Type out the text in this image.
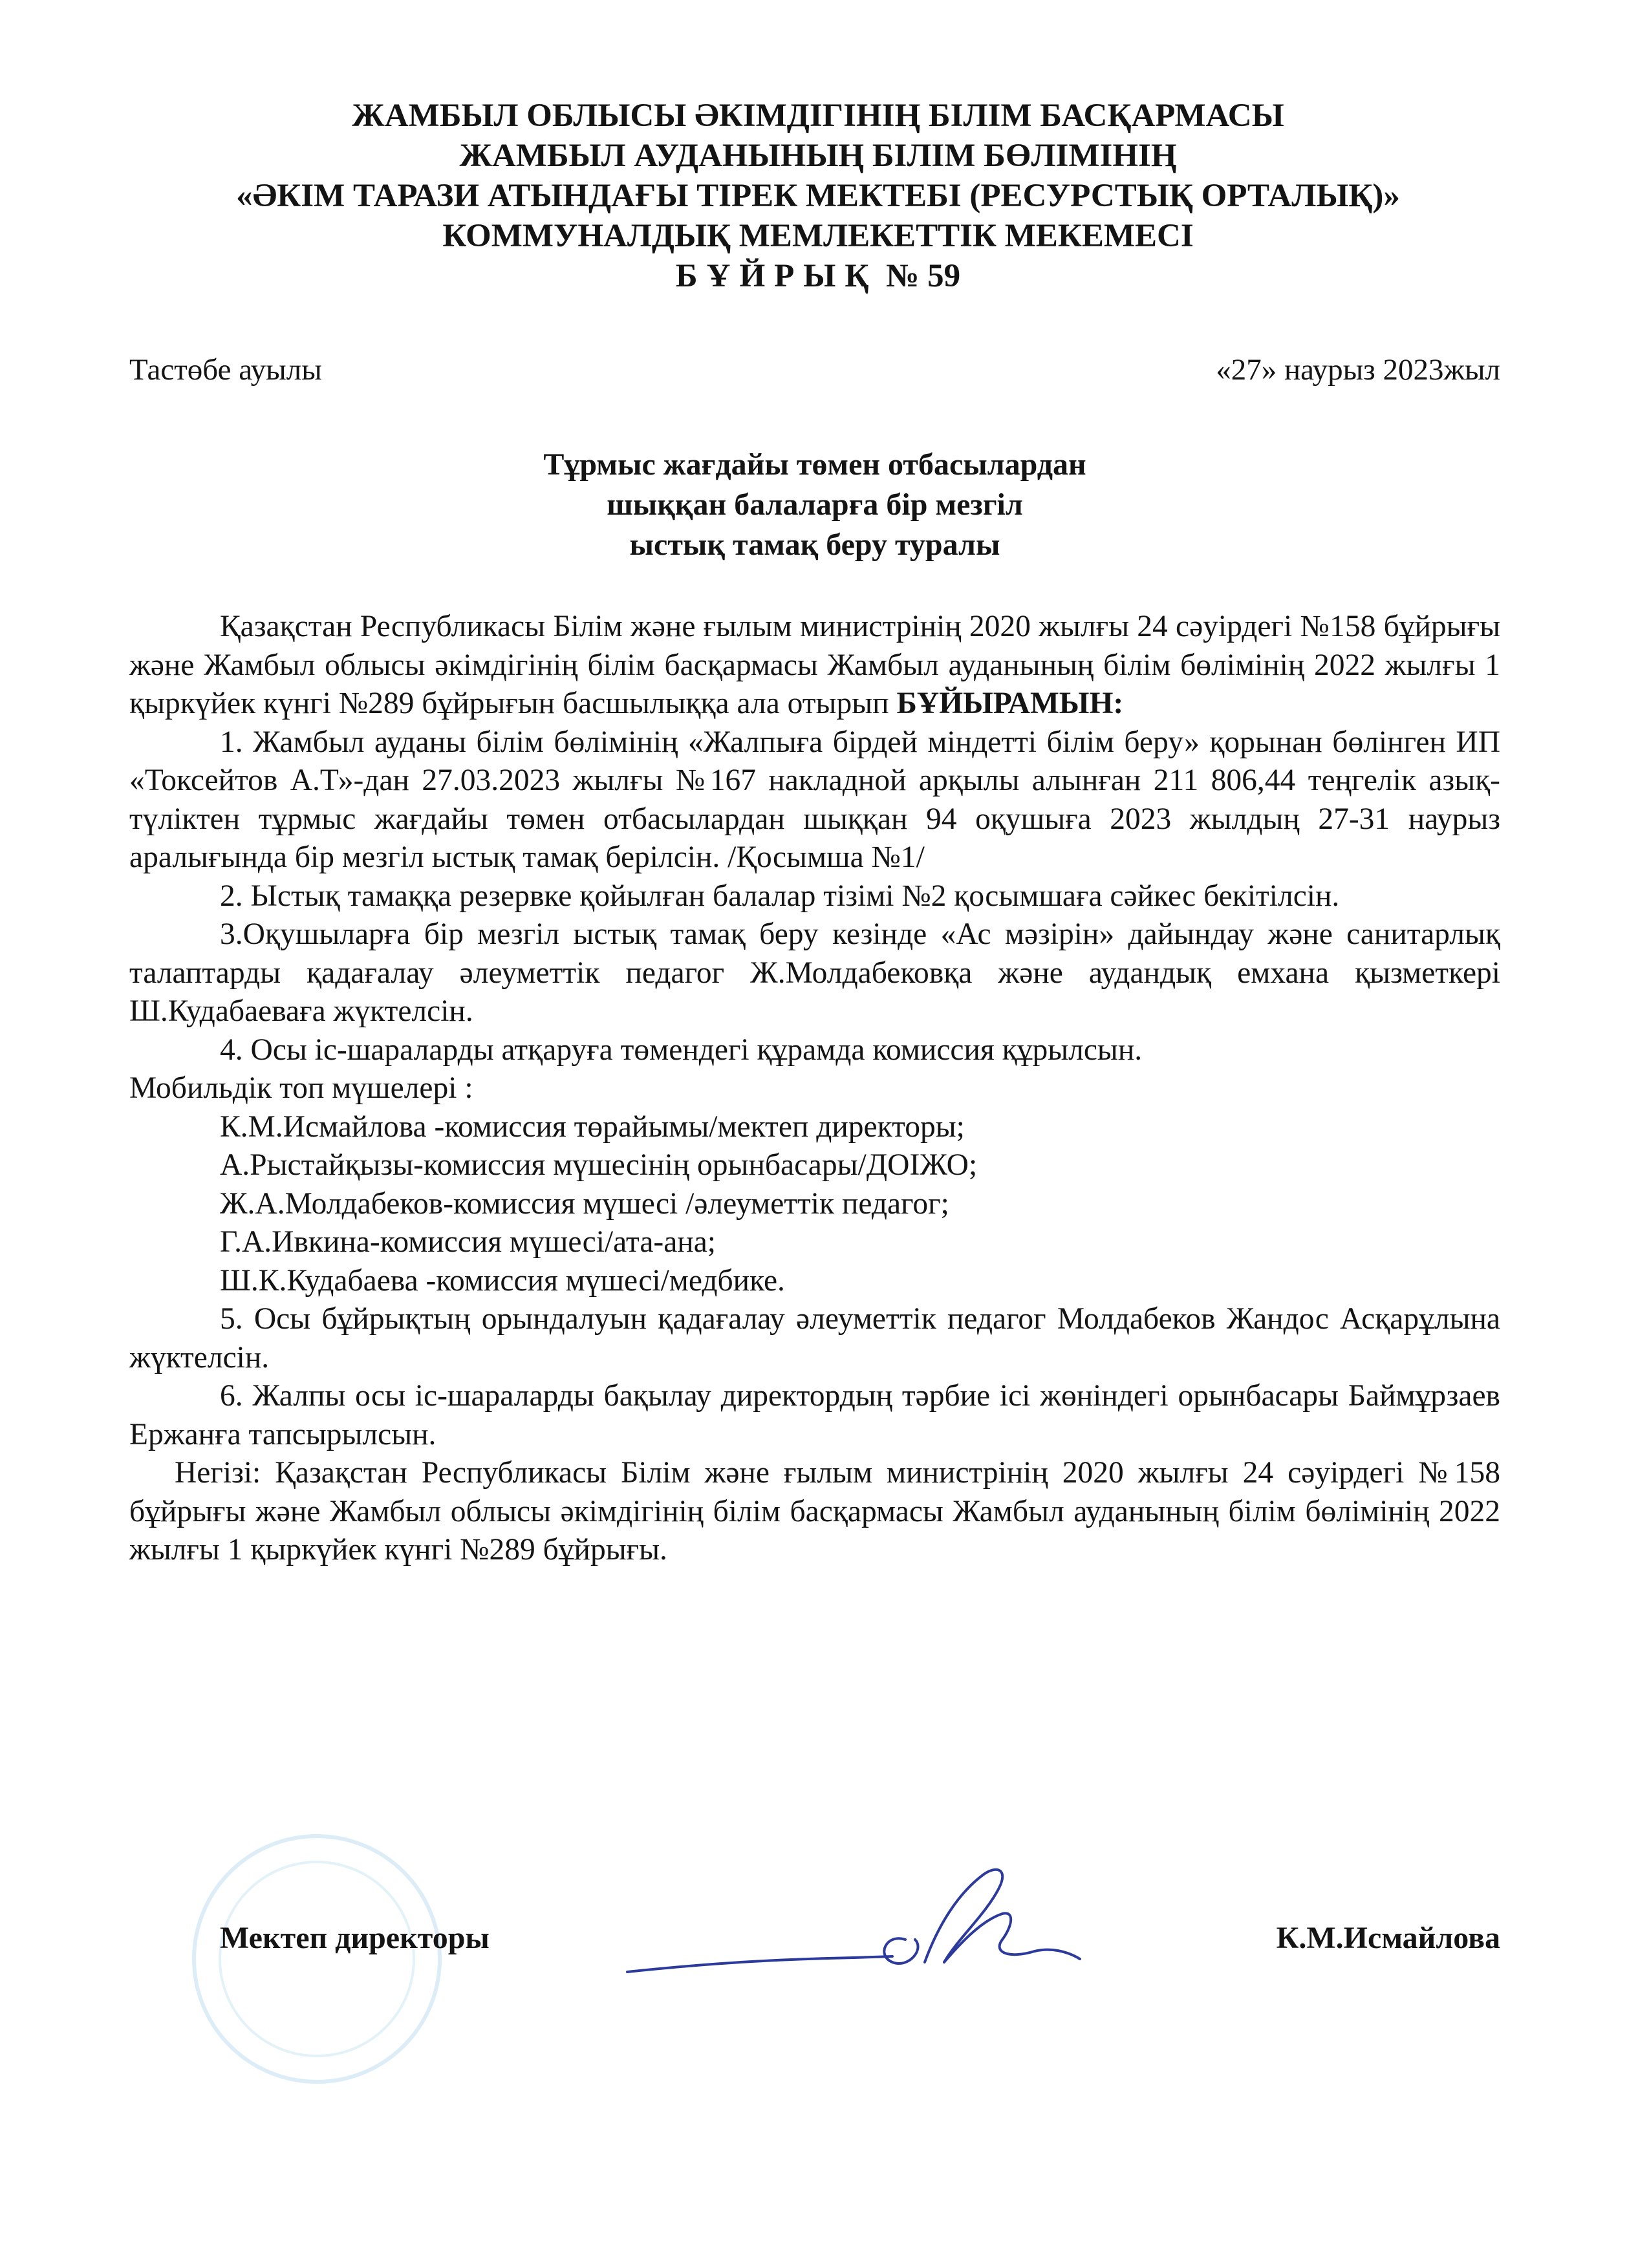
ЖАМБЫЛ ОБЛЫСЫ ӘКІМДІГІНІҢ БІЛІМ БАСҚАРМАСЫ
ЖАМБЫЛ АУДАНЫНЫҢ БІЛІМ БӨЛІМІНІҢ
«ӘКІМ ТАРАЗИ АТЫНДАҒЫ ТІРЕК МЕКТЕБІ (РЕСУРСТЫҚ ОРТАЛЫҚ)»
КОММУНАЛДЫҚ МЕМЛЕКЕТТІК МЕКЕМЕСІ
БҰЙРЫҚ № 59
Тастөбе ауылы	«27» наурыз 2023жыл
Тұрмыс жағдайы төмен отбасылардан
шыққан балаларға бір мезгіл
ыстық тамақ беру туралы

Қазақстан Республикасы Білім және ғылым министрінің 2020 жылғы 24 сәуірдегі №158 бұйрығы және Жамбыл облысы әкімдігінің білім басқармасы Жамбыл ауданының білім бөлімінің 2022 жылғы 1 қыркүйек күнгі №289 бұйрығын басшылыққа ала отырып БҰЙЫРАМЫН:

1. Жамбыл ауданы білім бөлімінің «Жалпыға бірдей міндетті білім беру» қорынан бөлінген ИП «Токсейтов А.Т»-дан 27.03.2023 жылғы №167 накладной арқылы алынған 211 806,44 теңгелік азық-түліктен тұрмыс жағдайы төмен отбасылардан шыққан 94 оқушыға 2023 жылдың 27-31 наурыз аралығында бір мезгіл ыстық тамақ берілсін. /Қосымша №1/

2. Ыстық тамаққа резервке қойылған балалар тізімі №2 қосымшаға сәйкес бекітілсін.

3.Оқушыларға бір мезгіл ыстық тамақ беру кезінде «Ас мәзірін» дайындау және санитарлық талаптарды қадағалау әлеуметтік педагог Ж.Молдабековқа және аудандық емхана қызметкері Ш.Кудабаеваға жүктелсін.

4. Осы іс-шараларды атқаруға төмендегі құрамда комиссия құрылсын.

Мобильдік топ мүшелері :

К.М.Исмайлова -комиссия төрайымы/мектеп директоры;

А.Рыстайқызы-комиссия мүшесінің орынбасары/ДОІЖО;

Ж.А.Молдабеков-комиссия мүшесі /әлеуметтік педагог;

Г.А.Ивкина-комиссия мүшесі/ата-ана;

Ш.К.Кудабаева -комиссия мүшесі/медбике.

5. Осы бұйрықтың орындалуын қадағалау әлеуметтік педагог Молдабеков Жандос Асқарұлына жүктелсін.

6. Жалпы осы іс-шараларды бақылау директордың тәрбие ісі жөніндегі орынбасары Баймұрзаев Ержанға тапсырылсын.

Негізі: Қазақстан Республикасы Білім және ғылым министрінің 2020 жылғы 24 сәуірдегі №158 бұйрығы және Жамбыл облысы әкімдігінің білім басқармасы Жамбыл ауданының білім бөлімінің 2022 жылғы 1 қыркүйек күнгі №289 бұйрығы.

Мектеп директоры	К.М.Исмайлова
